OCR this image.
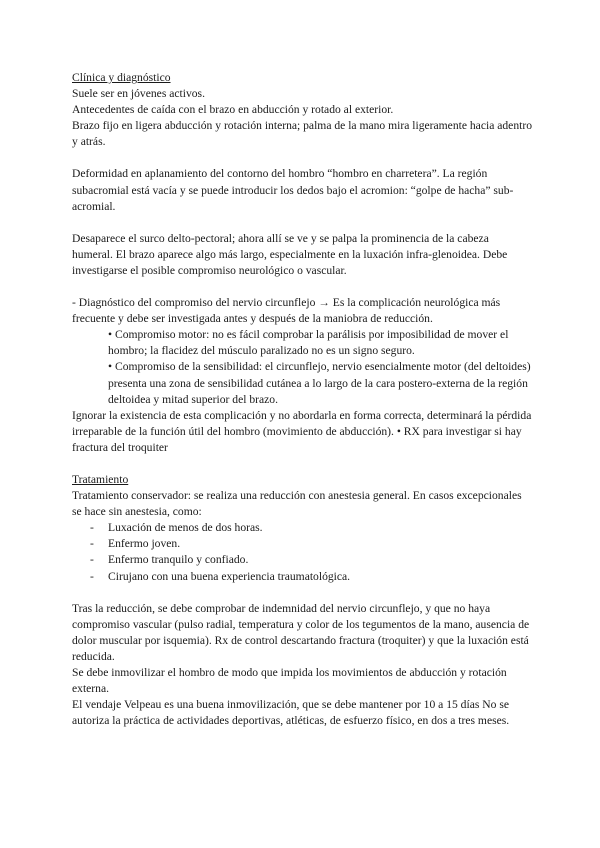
Clínica y diagnóstico

Suele ser en jóvenes activos.

Antecedentes de caída con el brazo en abducción y rotado al exterior.

Brazo fijo en ligera abducción y rotación interna; palma de la mano mira ligeramente hacia adentro y atrás.

Deformidad en aplanamiento del contorno del hombro “hombro en charretera”. La región subacromial está vacía y se puede introducir los dedos bajo el acromion: “golpe de hacha” sub-acromial.

Desaparece el surco delto-pectoral; ahora allí se ve y se palpa la prominencia de la cabeza humeral. El brazo aparece algo más largo, especialmente en la luxación infra-glenoidea. Debe investigarse el posible compromiso neurológico o vascular.

- Diagnóstico del compromiso del nervio circunflejo → Es la complicación neurológica más frecuente y debe ser investigada antes y después de la maniobra de reducción.

• Compromiso motor: no es fácil comprobar la parálisis por imposibilidad de mover el hombro; la flacidez del músculo paralizado no es un signo seguro.

• Compromiso de la sensibilidad: el circunflejo, nervio esencialmente motor (del deltoides) presenta una zona de sensibilidad cutánea a lo largo de la cara postero-externa de la región deltoidea y mitad superior del brazo.

Ignorar la existencia de esta complicación y no abordarla en forma correcta, determinará la pérdida irreparable de la función útil del hombro (movimiento de abducción). • RX para investigar si hay fractura del troquiter

Tratamiento

Tratamiento conservador: se realiza una reducción con anestesia general. En casos excepcionales se hace sin anestesia, como:

- Luxación de menos de dos horas.
- Enfermo joven.
- Enfermo tranquilo y confiado.
- Cirujano con una buena experiencia traumatológica.

Tras la reducción, se debe comprobar de indemnidad del nervio circunflejo, y que no haya compromiso vascular (pulso radial, temperatura y color de los tegumentos de la mano, ausencia de dolor muscular por isquemia). Rx de control descartando fractura (troquiter) y que la luxación está reducida.

Se debe inmovilizar el hombro de modo que impida los movimientos de abducción y rotación externa.

El vendaje Velpeau es una buena inmovilización, que se debe mantener por 10 a 15 días No se autoriza la práctica de actividades deportivas, atléticas, de esfuerzo físico, en dos a tres meses.
